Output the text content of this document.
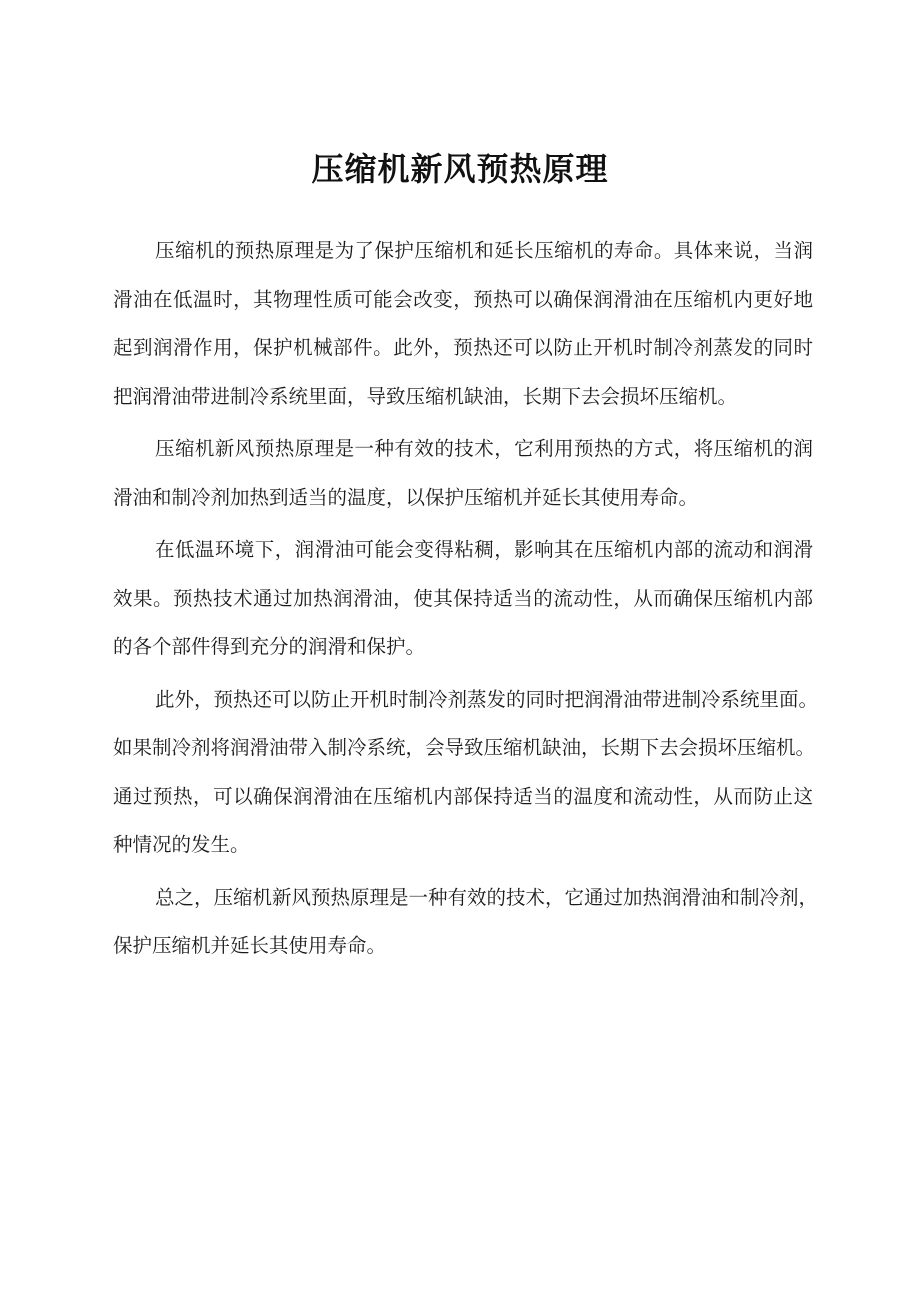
压缩机新风预热原理
压缩机的预热原理是为了保护压缩机和延长压缩机的寿命。具体来说，当润
滑油在低温时，其物理性质可能会改变，预热可以确保润滑油在压缩机内更好地
起到润滑作用，保护机械部件。此外，预热还可以防止开机时制冷剂蒸发的同时
把润滑油带进制冷系统里面，导致压缩机缺油，长期下去会损坏压缩机。
压缩机新风预热原理是一种有效的技术，它利用预热的方式，将压缩机的润
滑油和制冷剂加热到适当的温度，以保护压缩机并延长其使用寿命。
在低温环境下，润滑油可能会变得粘稠，影响其在压缩机内部的流动和润滑
效果。预热技术通过加热润滑油，使其保持适当的流动性，从而确保压缩机内部
的各个部件得到充分的润滑和保护。
此外，预热还可以防止开机时制冷剂蒸发的同时把润滑油带进制冷系统里面。
如果制冷剂将润滑油带入制冷系统，会导致压缩机缺油，长期下去会损坏压缩机。
通过预热，可以确保润滑油在压缩机内部保持适当的温度和流动性，从而防止这
种情况的发生。
总之，压缩机新风预热原理是一种有效的技术，它通过加热润滑油和制冷剂，
保护压缩机并延长其使用寿命。
